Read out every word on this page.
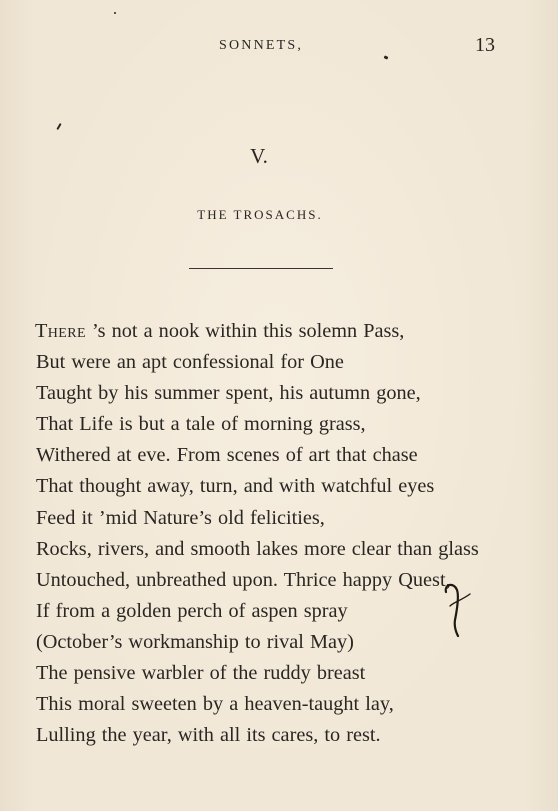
SONNETS,	13
V.
THE TROSACHS.
There ’s not a nook within this solemn Pass,
But were an apt confessional for One
Taught by his summer spent, his autumn gone,
That Life is but a tale of morning grass,
Withered at eve. From scenes of art that chase
That thought away, turn, and with watchful eyes
Feed it ’mid Nature’s old felicities,
Rocks, rivers, and smooth lakes more clear than glass
Untouched, unbreathed upon. Thrice happy Quest,
If from a golden perch of aspen spray
(October’s workmanship to rival May)
The pensive warbler of the ruddy breast
This moral sweeten by a heaven-taught lay,
Lulling the year, with all its cares, to rest.
